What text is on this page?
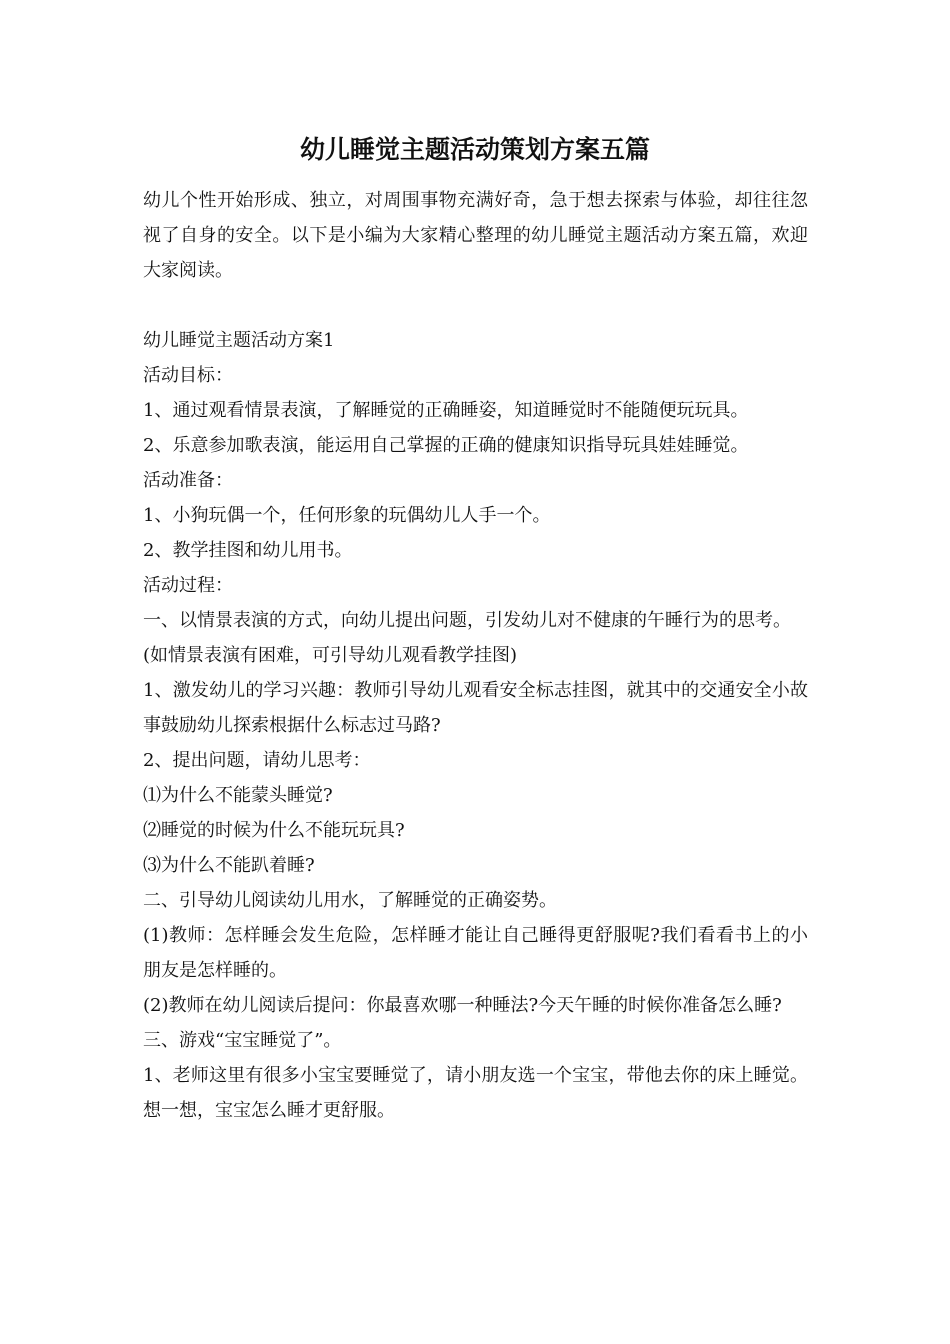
幼儿睡觉主题活动策划方案五篇

幼儿个性开始形成、独立，对周围事物充满好奇，急于想去探索与体验，却往往忽视了自身的安全。以下是小编为大家精心整理的幼儿睡觉主题活动方案五篇，欢迎大家阅读。

幼儿睡觉主题活动方案1

活动目标：

1、通过观看情景表演，了解睡觉的正确睡姿，知道睡觉时不能随便玩玩具。

2、乐意参加歌表演，能运用自己掌握的正确的健康知识指导玩具娃娃睡觉。

活动准备：

1、小狗玩偶一个，任何形象的玩偶幼儿人手一个。

2、教学挂图和幼儿用书。

活动过程：

一、以情景表演的方式，向幼儿提出问题，引发幼儿对不健康的午睡行为的思考。

(如情景表演有困难，可引导幼儿观看教学挂图)

1、激发幼儿的学习兴趣：教师引导幼儿观看安全标志挂图，就其中的交通安全小故事鼓励幼儿探索根据什么标志过马路?

2、提出问题，请幼儿思考：

⑴为什么不能蒙头睡觉?

⑵睡觉的时候为什么不能玩玩具?

⑶为什么不能趴着睡?

二、引导幼儿阅读幼儿用水，了解睡觉的正确姿势。

(1)教师：怎样睡会发生危险，怎样睡才能让自己睡得更舒服呢?我们看看书上的小朋友是怎样睡的。

(2)教师在幼儿阅读后提问：你最喜欢哪一种睡法?今天午睡的时候你准备怎么睡?

三、游戏“宝宝睡觉了”。

1、老师这里有很多小宝宝要睡觉了，请小朋友选一个宝宝，带他去你的床上睡觉。想一想，宝宝怎么睡才更舒服。
